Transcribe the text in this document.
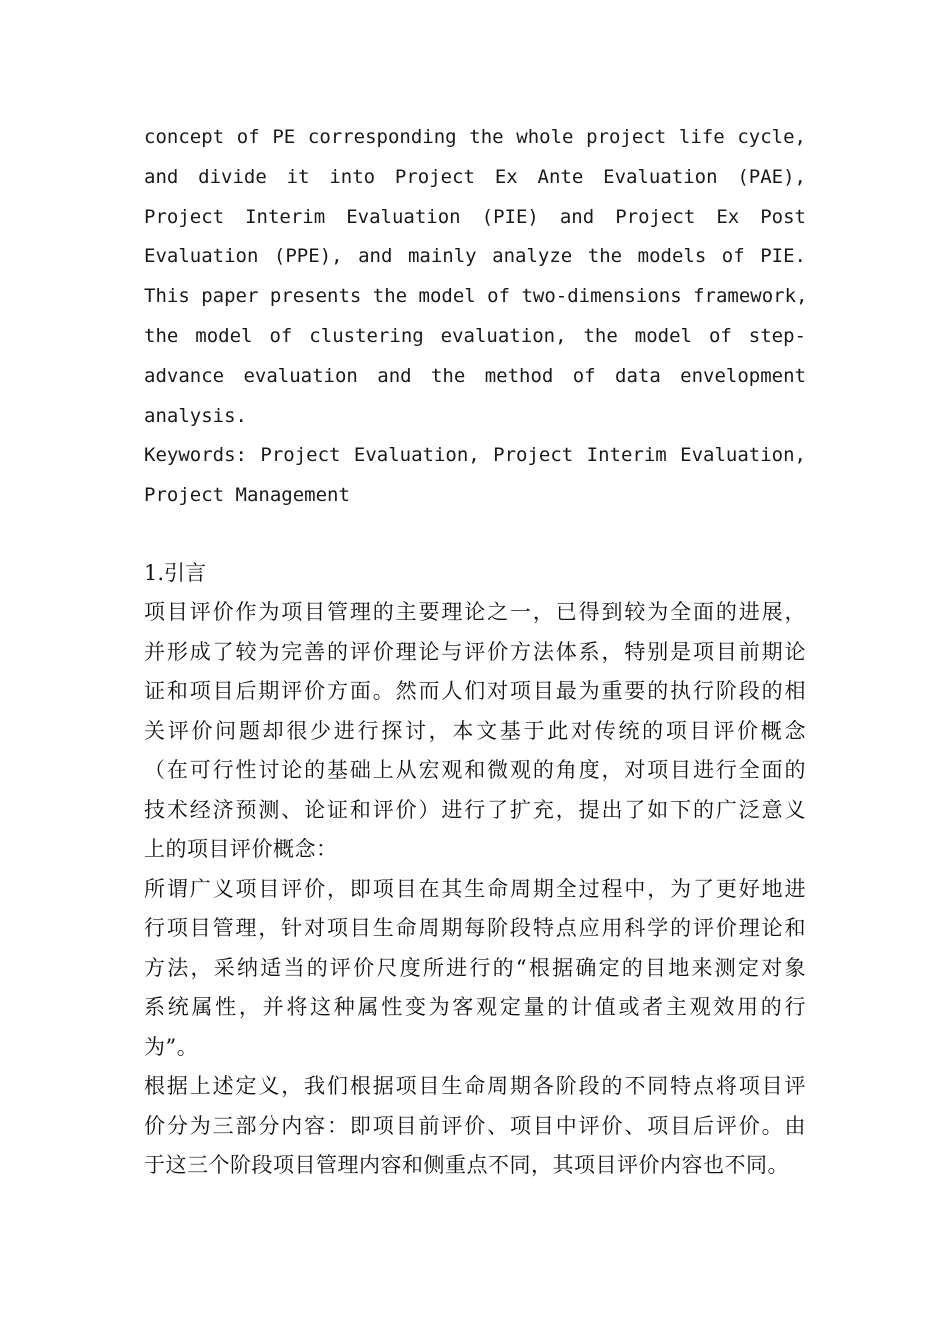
concept of PE corresponding the whole project life cycle,
and divide it into Project Ex Ante Evaluation (PAE),
Project Interim Evaluation (PIE) and Project Ex Post
Evaluation (PPE), and mainly analyze the models of PIE.
This paper presents the model of two-dimensions framework,
the model of clustering evaluation, the model of step-
advance evaluation and the method of data envelopment
analysis.
Keywords: Project Evaluation, Project Interim Evaluation,
Project Management
1.引言
项目评价作为项目管理的主要理论之一，已得到较为全面的进展，
并形成了较为完善的评价理论与评价方法体系，特别是项目前期论
证和项目后期评价方面。然而人们对项目最为重要的执行阶段的相
关评价问题却很少进行探讨，本文基于此对传统的项目评价概念
（在可行性讨论的基础上从宏观和微观的角度，对项目进行全面的
技术经济预测、论证和评价）进行了扩充，提出了如下的广泛意义
上的项目评价概念：
所谓广义项目评价，即项目在其生命周期全过程中，为了更好地进
行项目管理，针对项目生命周期每阶段特点应用科学的评价理论和
方法，采纳适当的评价尺度所进行的“根据确定的目地来测定对象
系统属性，并将这种属性变为客观定量的计值或者主观效用的行
为”。
根据上述定义，我们根据项目生命周期各阶段的不同特点将项目评
价分为三部分内容：即项目前评价、项目中评价、项目后评价。由
于这三个阶段项目管理内容和侧重点不同，其项目评价内容也不同。
